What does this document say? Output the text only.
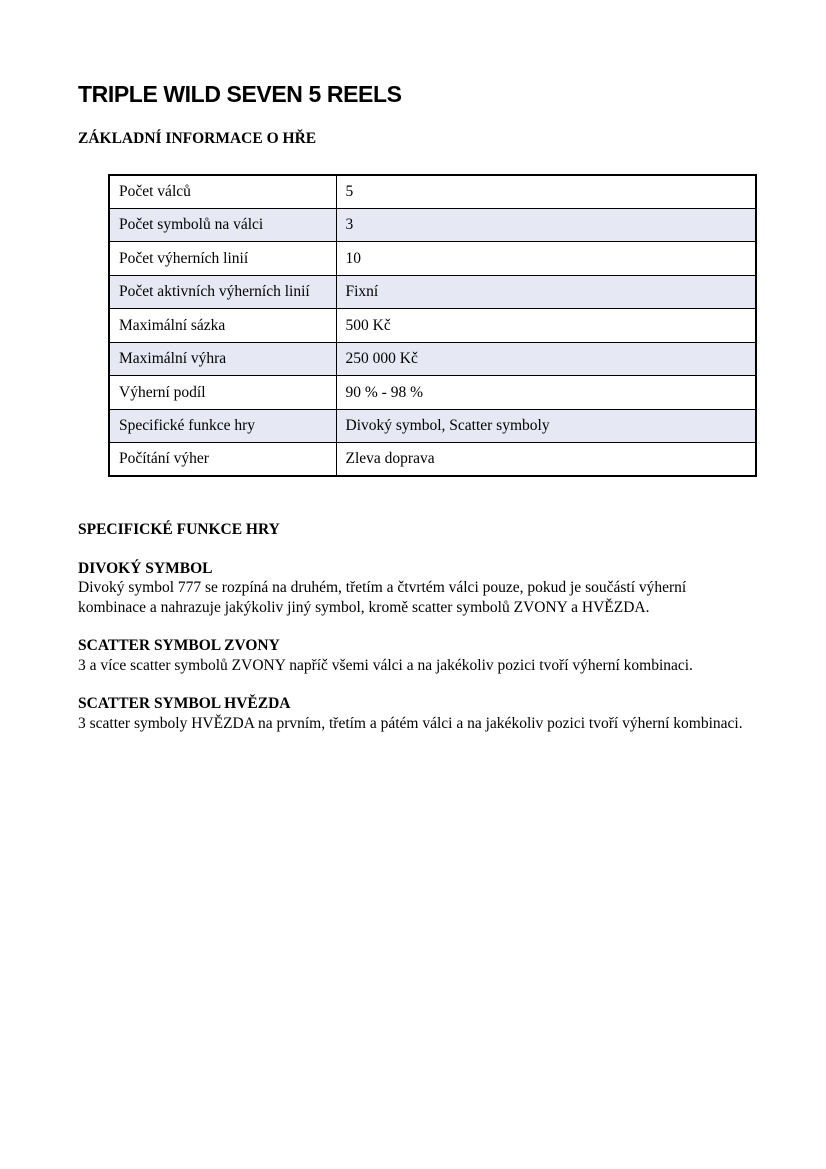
TRIPLE WILD SEVEN 5 REELS
ZÁKLADNÍ INFORMACE O HŘE
Počet válců	5
Počet symbolů na válci	3
Počet výherních linií	10
Počet aktivních výherních linií	Fixní
Maximální sázka	500 Kč
Maximální výhra	250 000 Kč
Výherní podíl	90 % - 98 %
Specifické funkce hry	Divoký symbol, Scatter symboly
Počítání výher	Zleva doprava
SPECIFICKÉ FUNKCE HRY
DIVOKÝ SYMBOL
Divoký symbol 777 se rozpíná na druhém, třetím a čtvrtém válci pouze, pokud je součástí výherní kombinace a nahrazuje jakýkoliv jiný symbol, kromě scatter symbolů ZVONY a HVĚZDA.
SCATTER SYMBOL ZVONY
3 a více scatter symbolů ZVONY napříč všemi válci a na jakékoliv pozici tvoří výherní kombinaci.
SCATTER SYMBOL HVĚZDA
3 scatter symboly HVĚZDA na prvním, třetím a pátém válci a na jakékoliv pozici tvoří výherní kombinaci.
